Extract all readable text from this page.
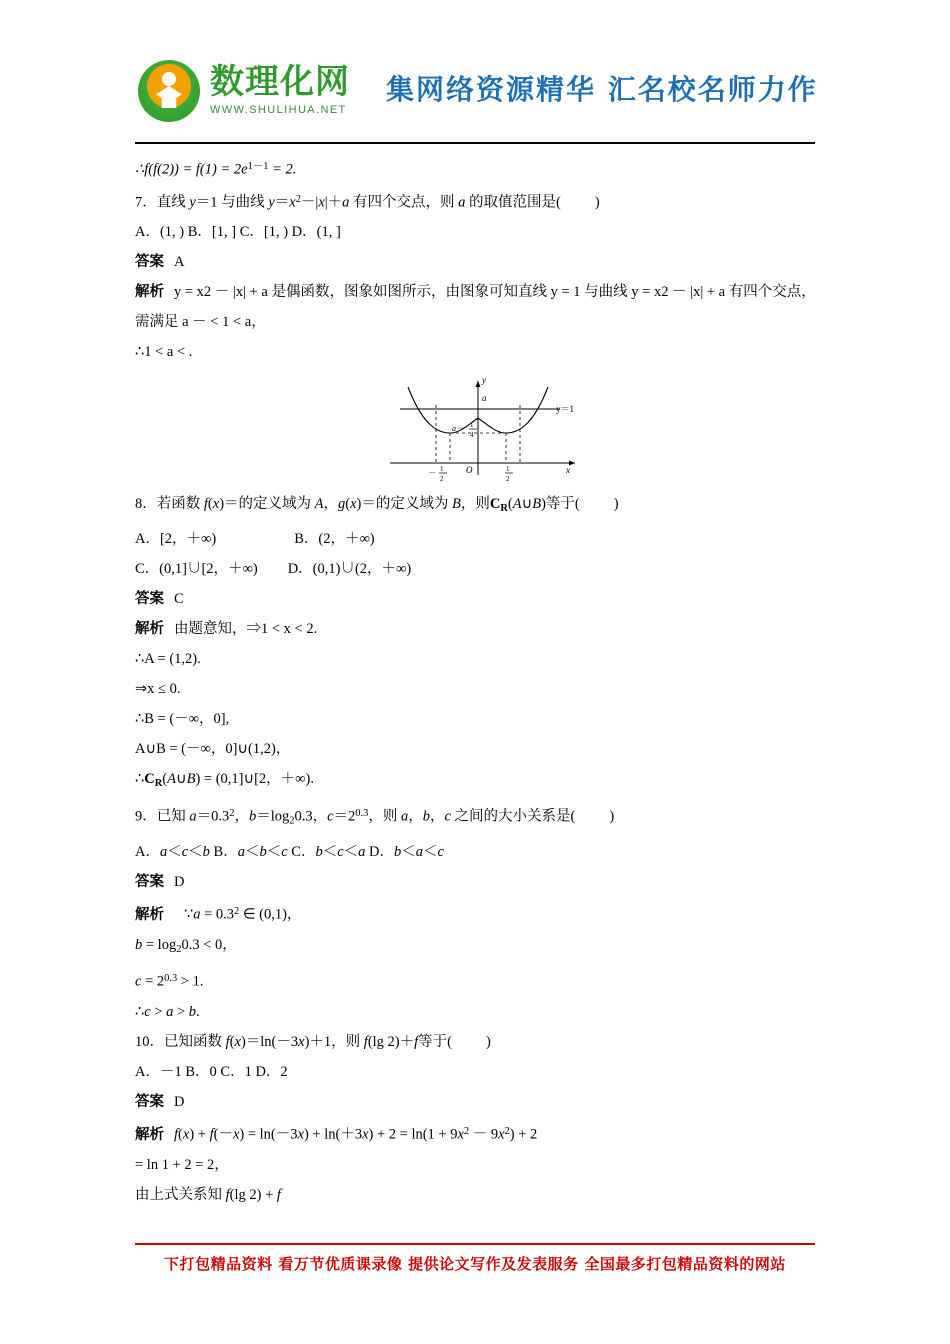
数理化网
WWW.SHULIHUA.NET
集网络资源精华 汇名校名师力作

∴f(f(2)) = $f(1) = 2e^{1-1} = 2$.

7．直线 y＝1 与曲线 $y=x^2-|x|+a$ 有四个交点，则 a 的取值范围是( )

A．(1, ) B．[1, ] C．[1, ) D．(1, ]

答案 A

解析 y = x2 － |x| + a 是偶函数，图象如图所示，由图象可知直线 y = 1 与曲线 y = x2 － |x| + a 有四个交点，

需满足 a － < 1 < a，

∴1 < a < .

y
x
O
a
y＝1
a－ 1
4
－ 1
2
1
2

8．若函数 f(x)＝的定义域为 A，g(x)＝的定义域为 B，则$C_R(A\cup B)$等于( )

A．[2，＋∞)	B．(2，＋∞)

C．(0,1]∪[2，＋∞) D．(0,1)∪(2，＋∞)

答案 C

解析 由题意知，⇒1 < x < 2.

∴A = (1,2).

⇒x ≤ 0.

∴B = (－∞，0],

A∪B = (－∞，0]∪(1,2)，

$\therefore C_R(A\cup B)$ = (0,1]∪[2，＋∞).

9．已知 $a=0.3^2$，$b=\log_20.3$，$c=2^{0.3}$，则 a，b，c 之间的大小关系是( )

A．a＜c＜b B．a＜b＜c C．b＜c＜a D．b＜a＜c

答案 D

解析 ∵a = $0.3^2$ ∈ (0,1)，

$b = \log_20.3 < 0$，

$c = 2^{0.3} > 1$.

∴c > a > b.

10．已知函数 f(x)＝ln(－3x)＋1，则 f(lg 2)＋f等于( )

A．－1 B．0 C．1 D．2

答案 D

解析 $f(x) + f(-x) = \ln(-3x) + \ln(+3x) + 2 = \ln(1 + 9x^2 - 9x^2) + 2$

= ln 1 + 2 = 2，

由上式关系知 f(lg 2) + f

下打包精品资料 看万节优质课录像 提供论文写作及发表服务 全国最多打包精品资料的网站
